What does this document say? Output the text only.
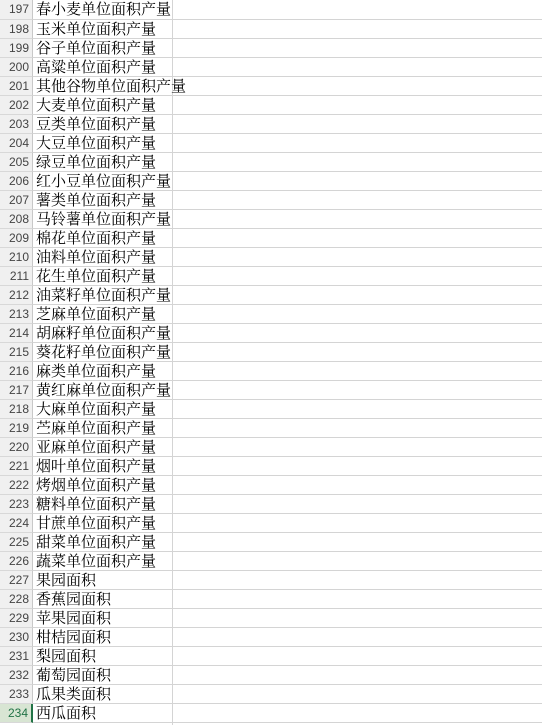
197 春小麦单位面积产量
198 玉米单位面积产量
199 谷子单位面积产量
200 高粱单位面积产量
201 其他谷物单位面积产量
202 大麦单位面积产量
203 豆类单位面积产量
204 大豆单位面积产量
205 绿豆单位面积产量
206 红小豆单位面积产量
207 薯类单位面积产量
208 马铃薯单位面积产量
209 棉花单位面积产量
210 油料单位面积产量
211 花生单位面积产量
212 油菜籽单位面积产量
213 芝麻单位面积产量
214 胡麻籽单位面积产量
215 葵花籽单位面积产量
216 麻类单位面积产量
217 黄红麻单位面积产量
218 大麻单位面积产量
219 苎麻单位面积产量
220 亚麻单位面积产量
221 烟叶单位面积产量
222 烤烟单位面积产量
223 糖料单位面积产量
224 甘蔗单位面积产量
225 甜菜单位面积产量
226 蔬菜单位面积产量
227 果园面积
228 香蕉园面积
229 苹果园面积
230 柑桔园面积
231 梨园面积
232 葡萄园面积
233 瓜果类面积
234 西瓜面积
